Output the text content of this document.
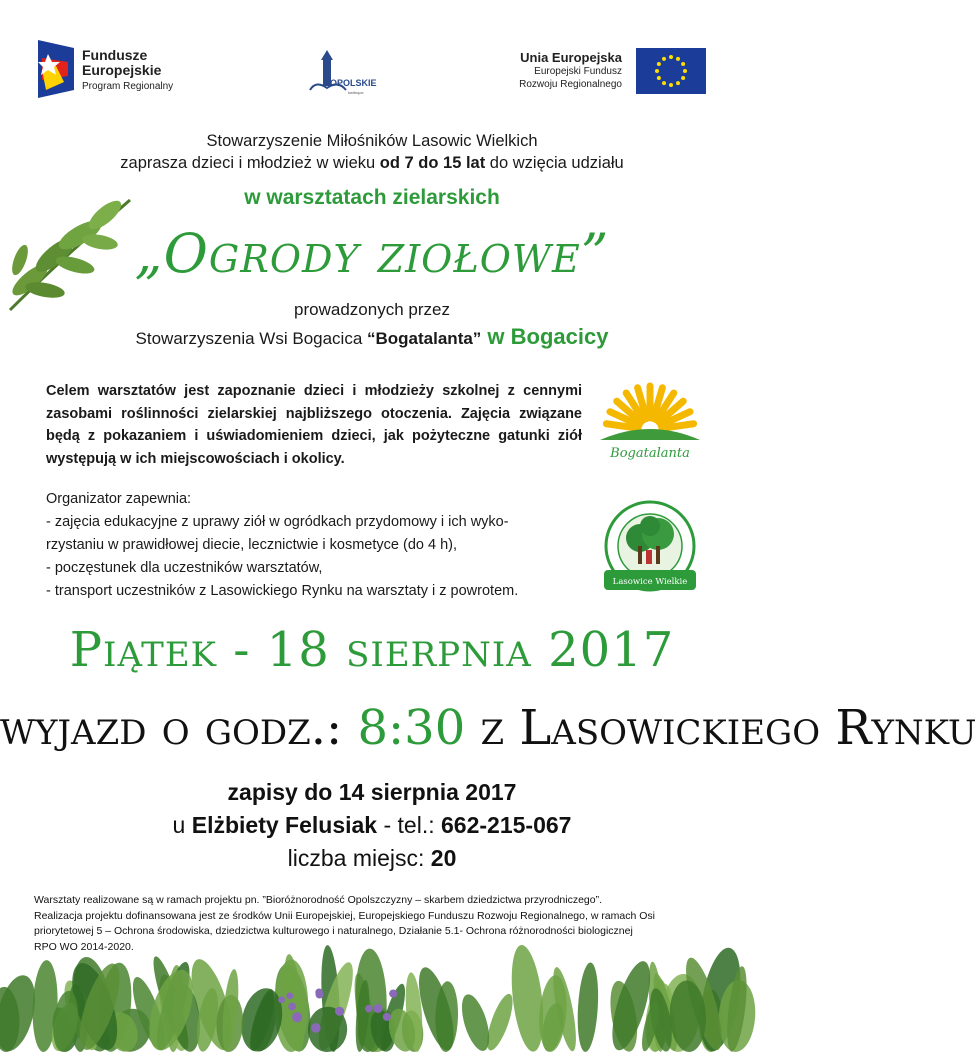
Fundusze
Europejskie
Program Regionalny	OPOLSKIE
kwitnące
Unia Europejska
Europejski Fundusz
Rozwoju Regionalnego
Stowarzyszenie Miłośników Lasowic Wielkich
zaprasza dzieci i młodzież w wieku od 7 do 15 lat do wzięcia udziału
w warsztatach zielarskich
„Ogrody ziołowe”
prowadzonych przez
Stowarzyszenia Wsi Bogacica “Bogatalanta” w Bogacicy
Celem warsztatów jest zapoznanie dzieci i młodzieży szkolnej z cennymi zasobami roślinności zielarskiej najbliższego otoczenia. Zajęcia związane będą z pokazaniem i uświadomieniem dzieci, jak pożyteczne gatunki ziół występują w ich miejscowościach i okolicy.	Bogatalanta
Organizator zapewnia:
- zajęcia edukacyjne z uprawy ziół w ogródkach przydomowy i ich wyko-
rzystaniu w prawidłowej diecie, lecznictwie i kosmetyce (do 4 h),
- poczęstunek dla uczestników warsztatów,
- transport uczestników z Lasowickiego Rynku na warsztaty i z powrotem.
Lasowice Wielkie
Piątek - 18 sierpnia 2017
wyjazd o godz.: 8:30 z Lasowickiego Rynku
zapisy do 14 sierpnia 2017
u Elżbiety Felusiak - tel.: 662-215-067
liczba miejsc: 20
Warsztaty realizowane są w ramach projektu pn. ”Bioróżnorodność Opolszczyzny – skarbem dziedzictwa przyrodniczego”.
Realizacja projektu dofinansowana jest ze środków Unii Europejskiej, Europejskiego Funduszu Rozwoju Regionalnego, w ramach Osi
priorytetowej 5 – Ochrona środowiska, dziedzictwa kulturowego i naturalnego, Działanie 5.1- Ochrona różnorodności biologicznej
RPO WO 2014-2020.
